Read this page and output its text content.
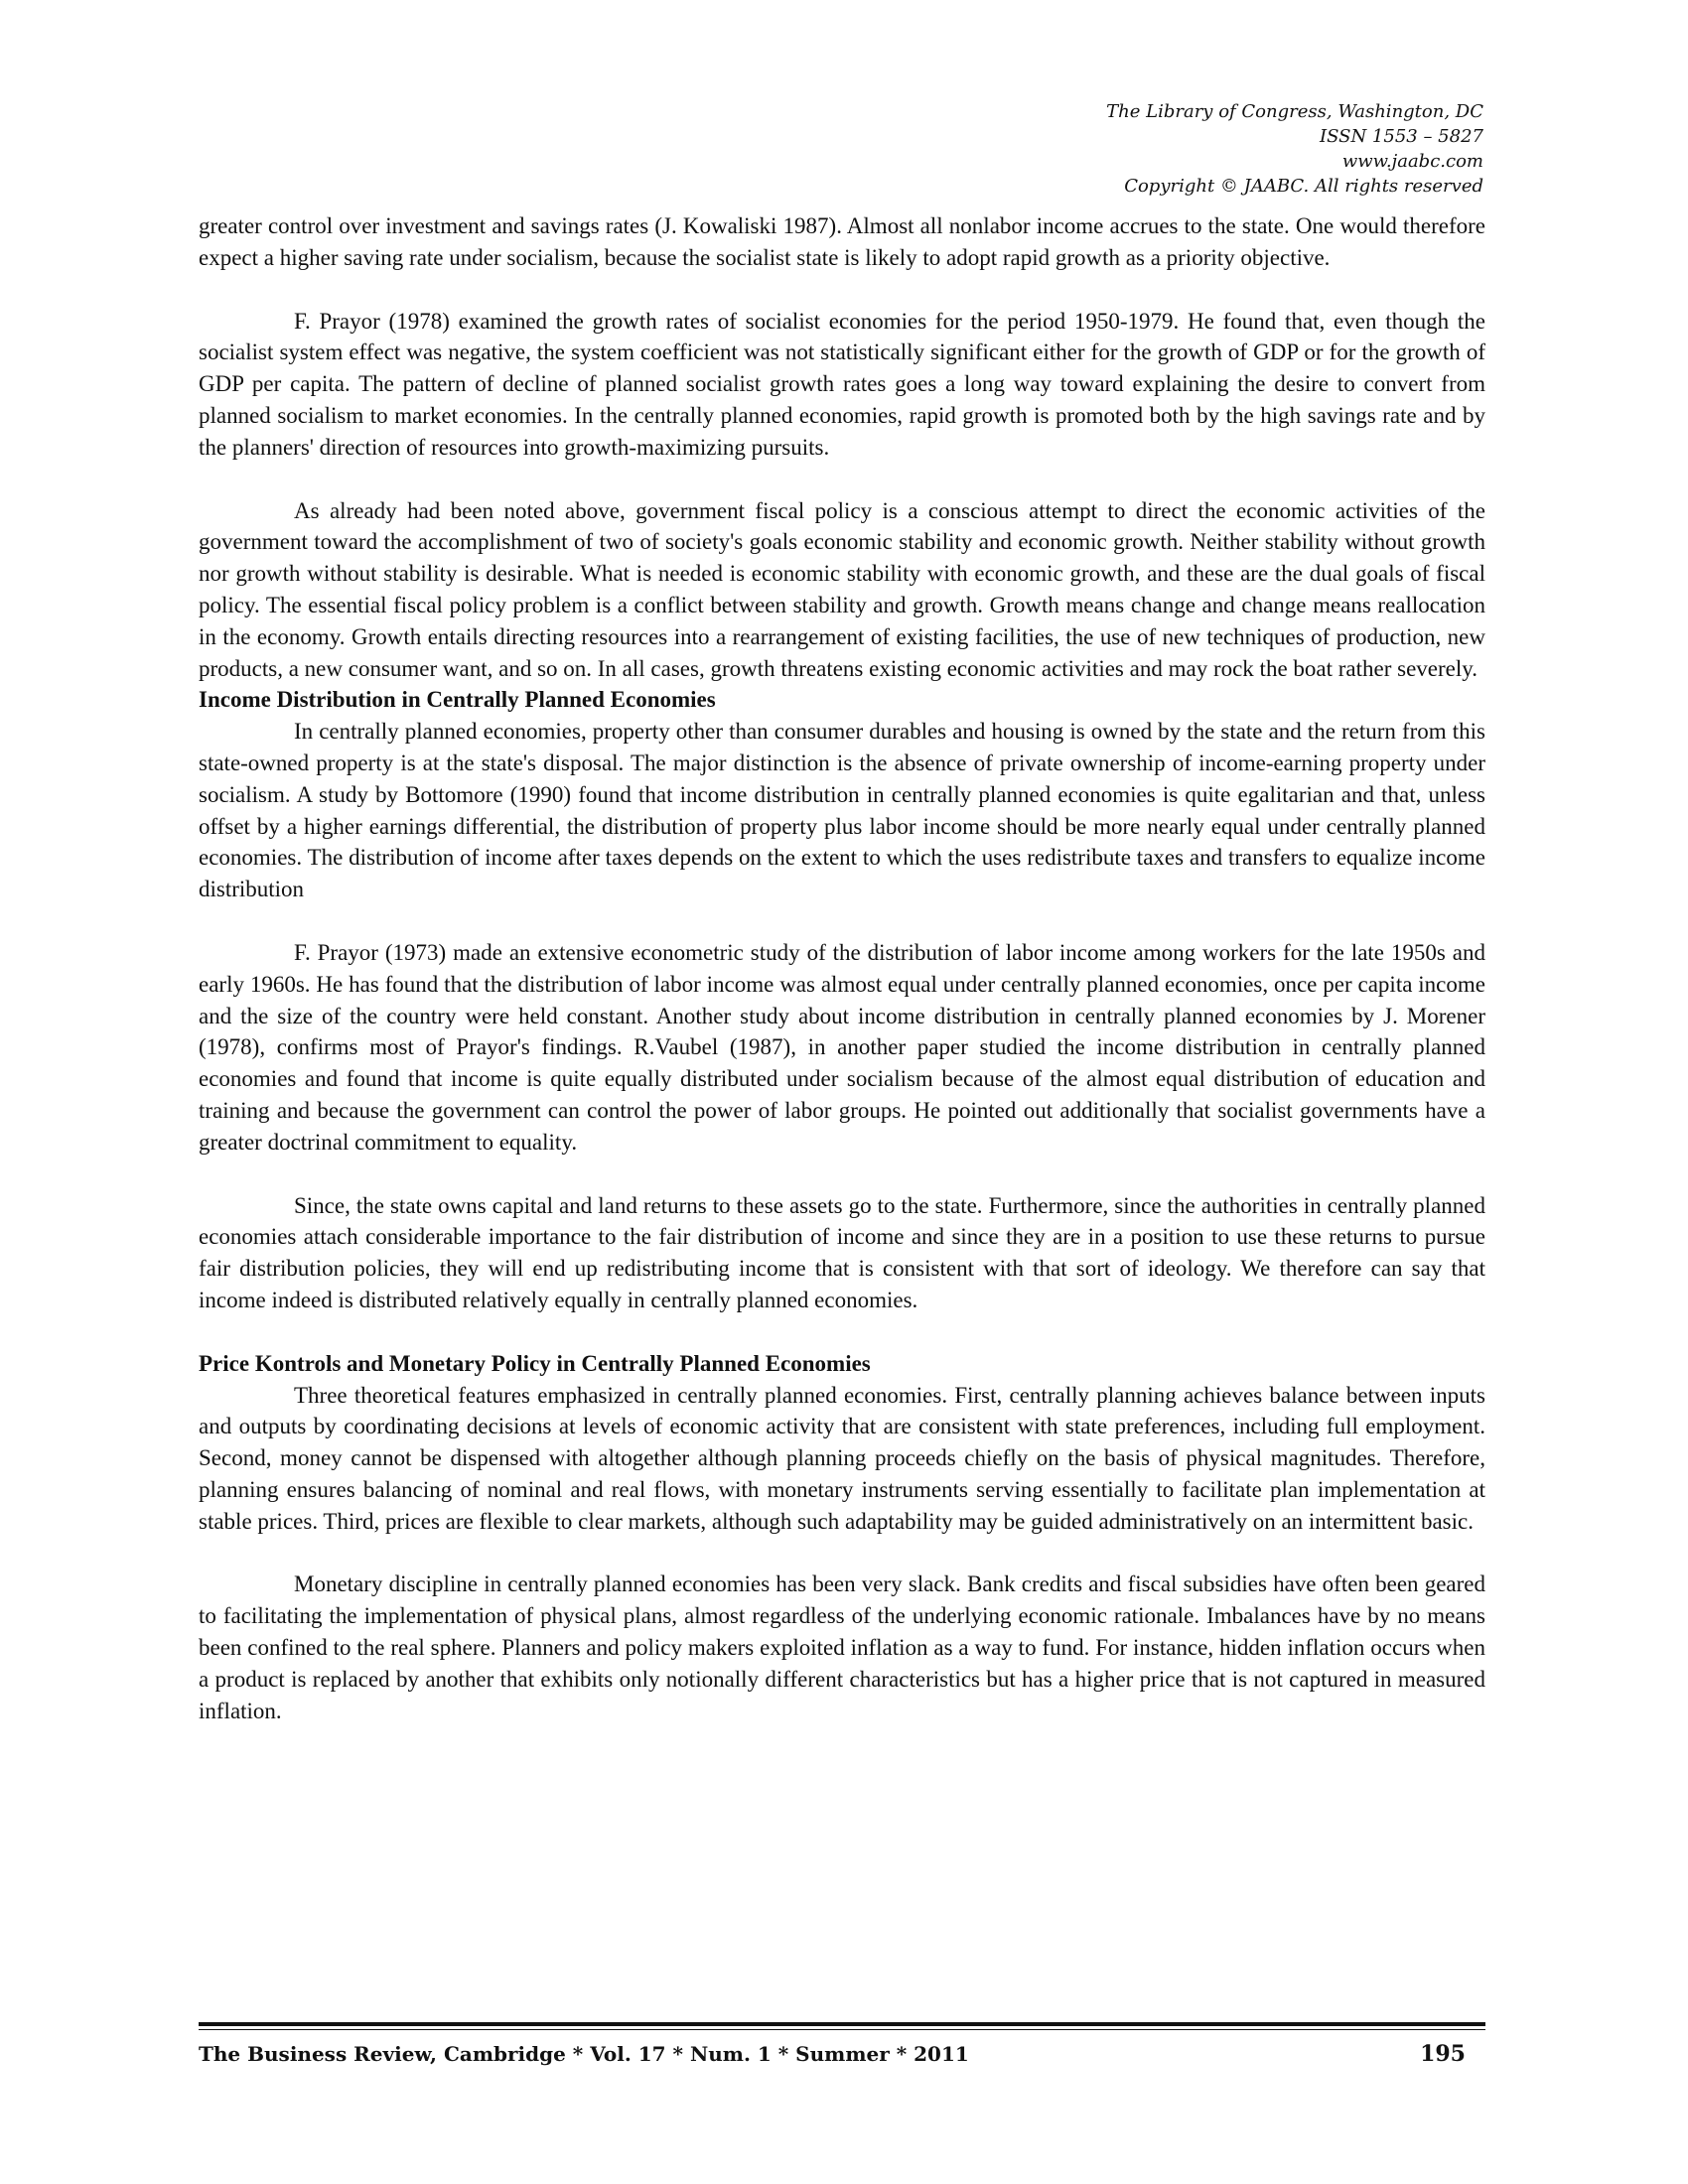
The Library of Congress, Washington, DC
ISSN 1553 – 5827
www.jaabc.com
Copyright © JAABC. All rights reserved

greater control over investment and savings rates (J. Kowaliski 1987). Almost all nonlabor income accrues to the state. One would therefore expect a higher saving rate under socialism, because the socialist state is likely to adopt rapid growth as a priority objective.

F. Prayor (1978) examined the growth rates of socialist economies for the period 1950-1979. He found that, even though the socialist system effect was negative, the system coefficient was not statistically significant either for the growth of GDP or for the growth of GDP per capita. The pattern of decline of planned socialist growth rates goes a long way toward explaining the desire to convert from planned socialism to market economies. In the centrally planned economies, rapid growth is promoted both by the high savings rate and by the planners' direction of resources into growth-maximizing pursuits.

As already had been noted above, government fiscal policy is a conscious attempt to direct the economic activities of the government toward the accomplishment of two of society's goals economic stability and economic growth. Neither stability without growth nor growth without stability is desirable. What is needed is economic stability with economic growth, and these are the dual goals of fiscal policy. The essential fiscal policy problem is a conflict between stability and growth. Growth means change and change means reallocation in the economy. Growth entails directing resources into a rearrangement of existing facilities, the use of new techniques of production, new products, a new consumer want, and so on. In all cases, growth threatens existing economic activities and may rock the boat rather severely.

Income Distribution in Centrally Planned Economies

In centrally planned economies, property other than consumer durables and housing is owned by the state and the return from this state-owned property is at the state's disposal. The major distinction is the absence of private ownership of income-earning property under socialism. A study by Bottomore (1990) found that income distribution in centrally planned economies is quite egalitarian and that, unless offset by a higher earnings differential, the distribution of property plus labor income should be more nearly equal under centrally planned economies. The distribution of income after taxes depends on the extent to which the uses redistribute taxes and transfers to equalize income distribution

F. Prayor (1973) made an extensive econometric study of the distribution of labor income among workers for the late 1950s and early 1960s. He has found that the distribution of labor income was almost equal under centrally planned economies, once per capita income and the size of the country were held constant. Another study about income distribution in centrally planned economies by J. Morener (1978), confirms most of Prayor's findings. R.Vaubel (1987), in another paper studied the income distribution in centrally planned economies and found that income is quite equally distributed under socialism because of the almost equal distribution of education and training and because the government can control the power of labor groups. He pointed out additionally that socialist governments have a greater doctrinal commitment to equality.

Since, the state owns capital and land returns to these assets go to the state. Furthermore, since the authorities in centrally planned economies attach considerable importance to the fair distribution of income and since they are in a position to use these returns to pursue fair distribution policies, they will end up redistributing income that is consistent with that sort of ideology. We therefore can say that income indeed is distributed relatively equally in centrally planned economies.

Price Kontrols and Monetary Policy in Centrally Planned Economies

Three theoretical features emphasized in centrally planned economies. First, centrally planning achieves balance between inputs and outputs by coordinating decisions at levels of economic activity that are consistent with state preferences, including full employment. Second, money cannot be dispensed with altogether although planning proceeds chiefly on the basis of physical magnitudes. Therefore, planning ensures balancing of nominal and real flows, with monetary instruments serving essentially to facilitate plan implementation at stable prices. Third, prices are flexible to clear markets, although such adaptability may be guided administratively on an intermittent basic.

Monetary discipline in centrally planned economies has been very slack. Bank credits and fiscal subsidies have often been geared to facilitating the implementation of physical plans, almost regardless of the underlying economic rationale. Imbalances have by no means been confined to the real sphere. Planners and policy makers exploited inflation as a way to fund. For instance, hidden inflation occurs when a product is replaced by another that exhibits only notionally different characteristics but has a higher price that is not captured in measured inflation.

The Business Review, Cambridge * Vol. 17 * Num. 1 * Summer * 2011	195
